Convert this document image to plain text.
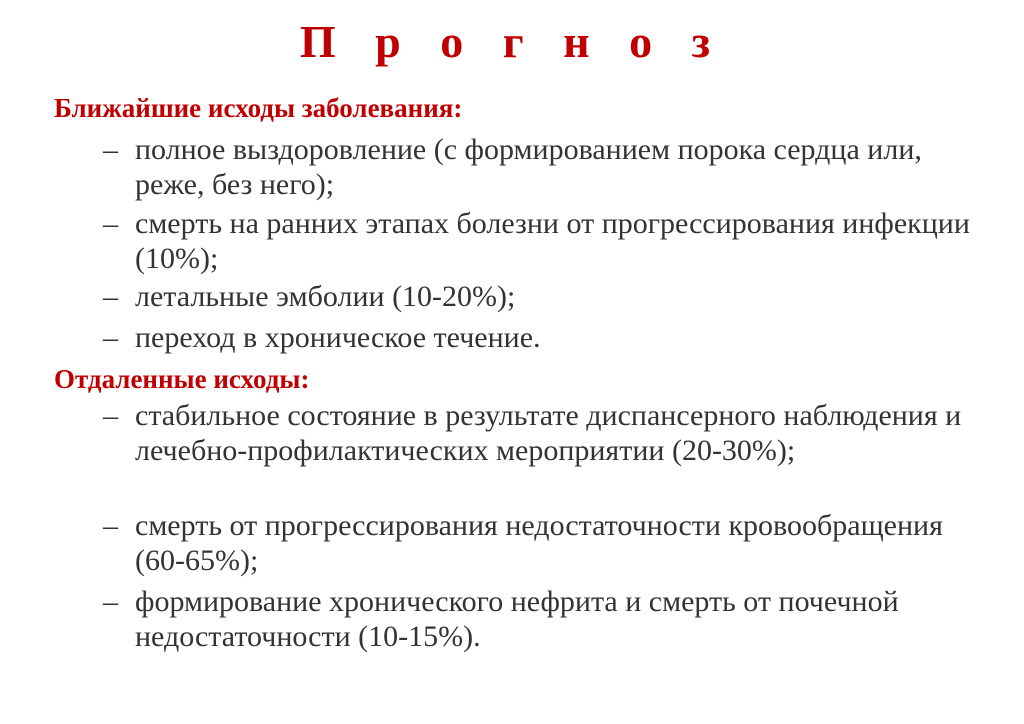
П р о г н о з
Ближайшие исходы заболевания:
– полное выздоровление (с формированием порока сердца или, реже, без него);
– смерть на ранних этапах болезни от прогрессирования инфекции (10%);
– летальные эмболии (10-20%);
– переход в хроническое течение.
Отдаленные исходы:
– стабильное состояние в результате диспансерного наблюдения и лечебно-профилактических мероприятии (20-30%);
– смерть от прогрессирования недостаточности кровообращения (60-65%);
– формирование хронического нефрита и смерть от почечной недостаточности (10-15%).
